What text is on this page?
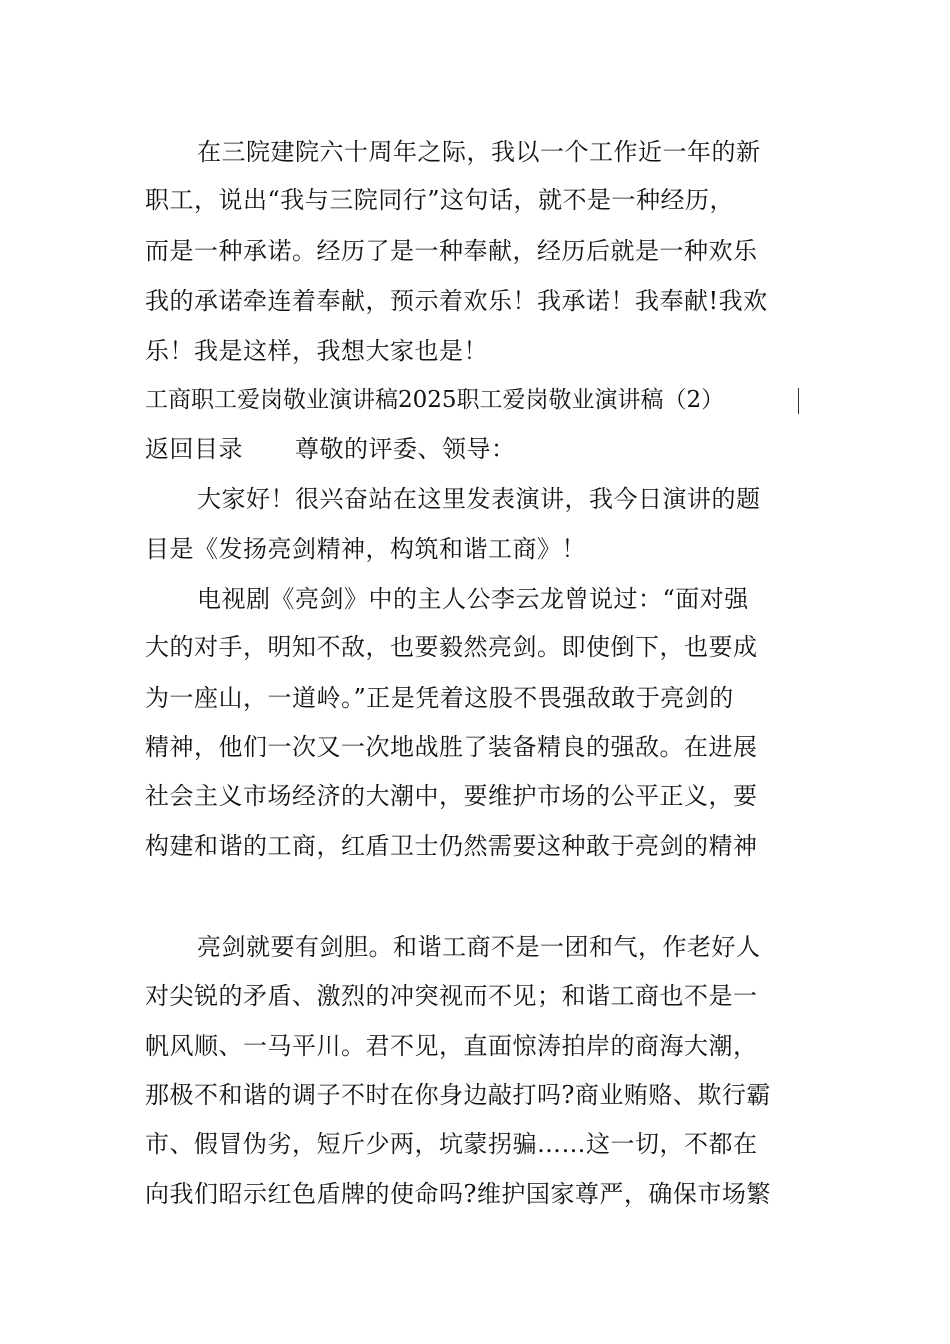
在三院建院六十周年之际，我以一个工作近一年的新
职工，说出“我与三院同行”这句话，就不是一种经历，
而是一种承诺。经历了是一种奉献，经历后就是一种欢乐
我的承诺牵连着奉献，预示着欢乐！我承诺！我奉献!我欢
乐！我是这样，我想大家也是！
工商职工爱岗敬业演讲稿2025职工爱岗敬业演讲稿（2）
返回目录 尊敬的评委、领导：
大家好！很兴奋站在这里发表演讲，我今日演讲的题
目是《发扬亮剑精神，构筑和谐工商》！
电视剧《亮剑》中的主人公李云龙曾说过：“面对强
大的对手，明知不敌，也要毅然亮剑。即使倒下，也要成
为一座山，一道岭。”正是凭着这股不畏强敌敢于亮剑的
精神，他们一次又一次地战胜了装备精良的强敌。在进展
社会主义市场经济的大潮中，要维护市场的公平正义，要
构建和谐的工商，红盾卫士仍然需要这种敢于亮剑的精神
亮剑就要有剑胆。和谐工商不是一团和气，作老好人
对尖锐的矛盾、激烈的冲突视而不见；和谐工商也不是一
帆风顺、一马平川。君不见，直面惊涛拍岸的商海大潮，
那极不和谐的调子不时在你身边敲打吗?商业贿赂、欺行霸
市、假冒伪劣，短斤少两，坑蒙拐骗……这一切，不都在
向我们昭示红色盾牌的使命吗?维护国家尊严，确保市场繁
